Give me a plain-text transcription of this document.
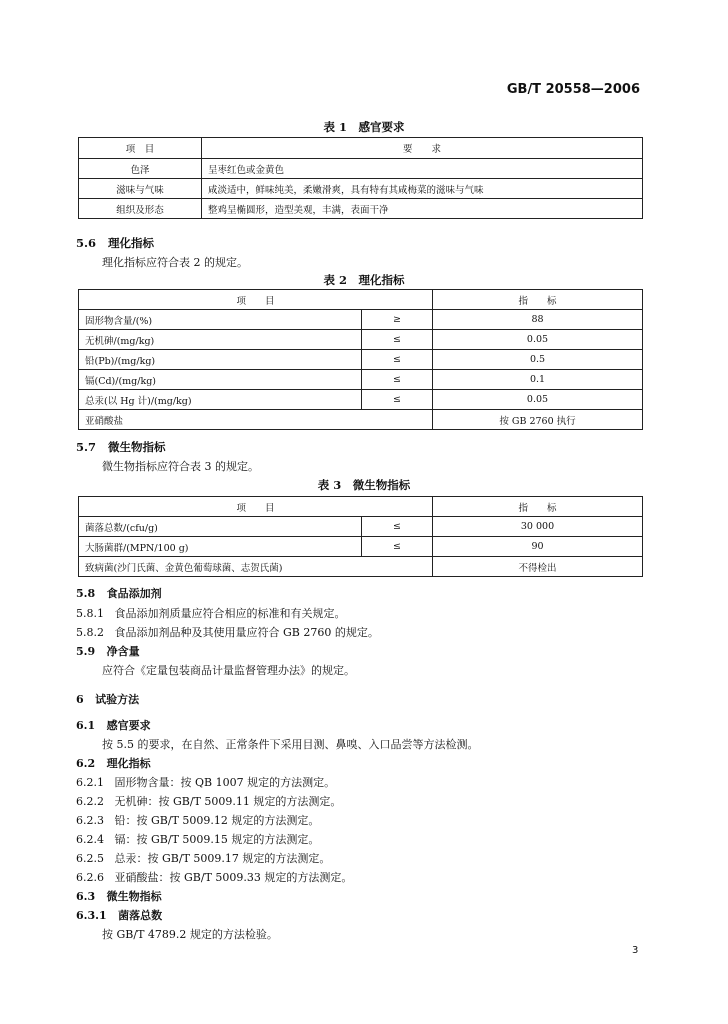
GB/T 20558—2006
表 1　感官要求
项　目	要　　求
色泽	呈枣红色或金黄色
滋味与气味	咸淡适中，鲜味纯美，柔嫩滑爽，具有特有其咸梅菜的滋味与气味
组织及形态	整鸡呈椭圆形，造型美观，丰满，表面干净
5.6 理化指标
理化指标应符合表 2 的规定。
表 2　理化指标
项　　目		指　　标
固形物含量/(%)	≥	88
无机砷/(mg/kg)	≤	0.05
铅(Pb)/(mg/kg)	≤	0.5
镉(Cd)/(mg/kg)	≤	0.1
总汞(以 Hg 计)/(mg/kg)	≤	0.05
亚硝酸盐		按 GB 2760 执行
5.7 微生物指标
微生物指标应符合表 3 的规定。
表 3　微生物指标
项　　目		指　　标
菌落总数/(cfu/g)	≤	30 000
大肠菌群/(MPN/100 g)	≤	90
致病菌(沙门氏菌、金黄色葡萄球菌、志贺氏菌)		不得检出
5.8 食品添加剂
5.8.1 食品添加剂质量应符合相应的标准和有关规定。
5.8.2 食品添加剂品种及其使用量应符合 GB 2760 的规定。
5.9 净含量
应符合《定量包装商品计量监督管理办法》的规定。
6 试验方法
6.1 感官要求
按 5.5 的要求，在自然、正常条件下采用目测、鼻嗅、入口品尝等方法检测。
6.2 理化指标
6.2.1 固形物含量：按 QB 1007 规定的方法测定。
6.2.2 无机砷：按 GB/T 5009.11 规定的方法测定。
6.2.3 铅：按 GB/T 5009.12 规定的方法测定。
6.2.4 镉：按 GB/T 5009.15 规定的方法测定。
6.2.5 总汞：按 GB/T 5009.17 规定的方法测定。
6.2.6 亚硝酸盐：按 GB/T 5009.33 规定的方法测定。
6.3 微生物指标
6.3.1 菌落总数
按 GB/T 4789.2 规定的方法检验。
3
